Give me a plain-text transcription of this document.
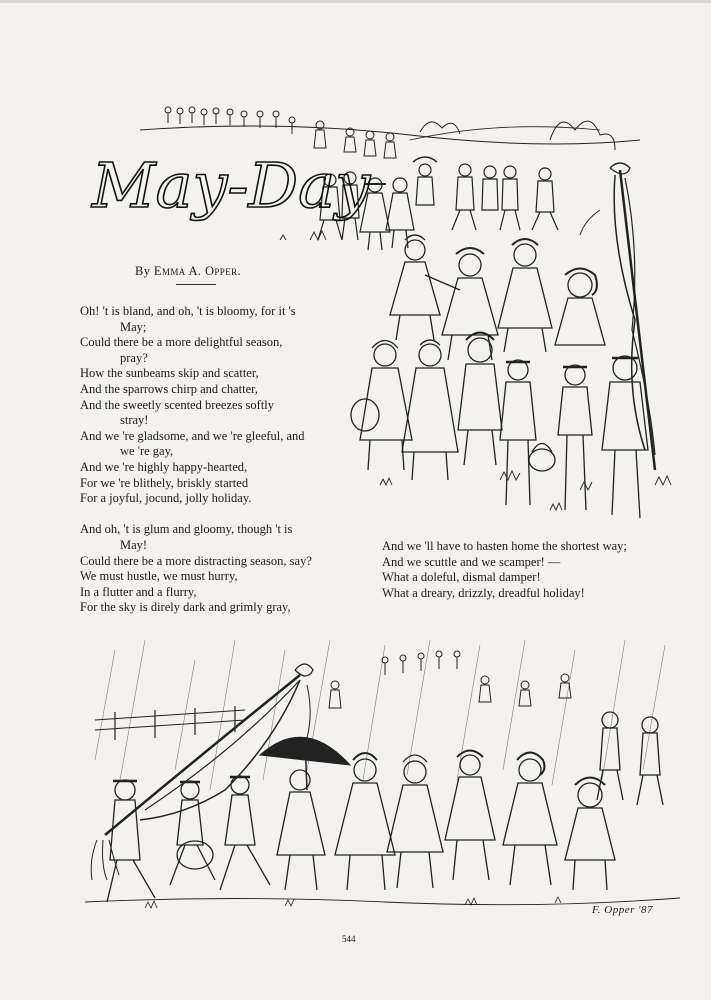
May-Day
By Emma A. Opper.
Oh! 't is bland, and oh, 't is bloomy, for it 's
May;
Could there be a more delightful season,
pray?
How the sunbeams skip and scatter,
And the sparrows chirp and chatter,
And the sweetly scented breezes softly
stray!
And we 're gladsome, and we 're gleeful, and
we 're gay,
And we 're highly happy-hearted,
For we 're blithely, briskly started
For a joyful, jocund, jolly holiday.
And oh, 't is glum and gloomy, though 't is
May!
Could there be a more distracting season, say?
We must hustle, we must hurry,
In a flutter and a flurry,
For the sky is direly dark and grimly gray,
And we 'll have to hasten home the shortest way;
And we scuttle and we scamper! —
What a doleful, dismal damper!
What a dreary, drizzly, dreadful holiday!
F. Opper '87
544
